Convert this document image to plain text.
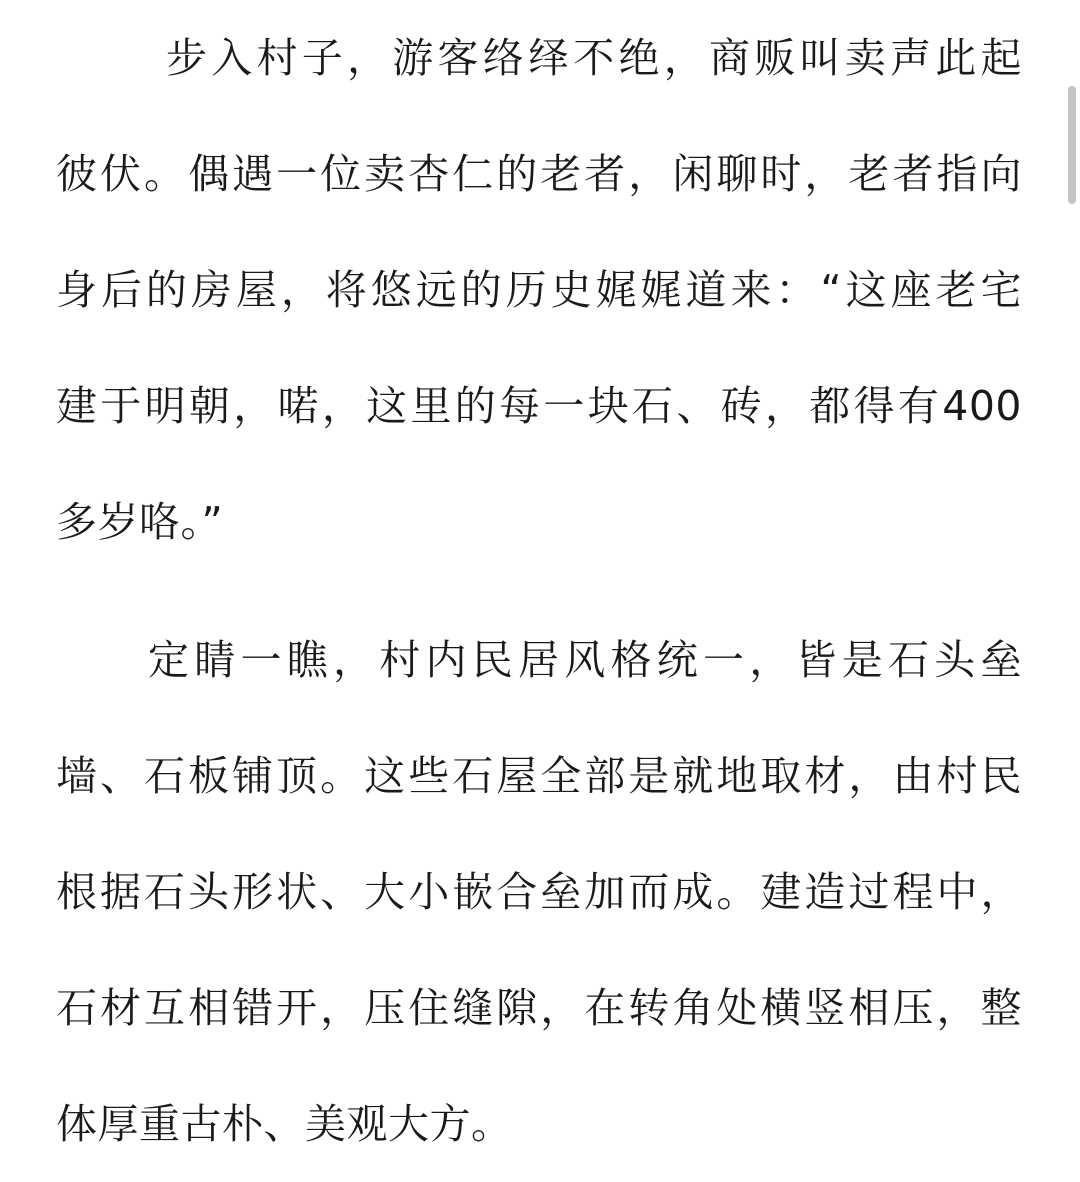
步入村子，游客络绎不绝，商贩叫卖声此起
彼伏。偶遇一位卖杏仁的老者，闲聊时，老者指向
身后的房屋，将悠远的历史娓娓道来：“这座老宅
建于明朝，喏，这里的每一块石、砖，都得有400
多岁咯。”
定睛一瞧，村内民居风格统一，皆是石头垒
墙、石板铺顶。这些石屋全部是就地取材，由村民
根据石头形状、大小嵌合垒加而成。建造过程中，
石材互相错开，压住缝隙，在转角处横竖相压，整
体厚重古朴、美观大方。
